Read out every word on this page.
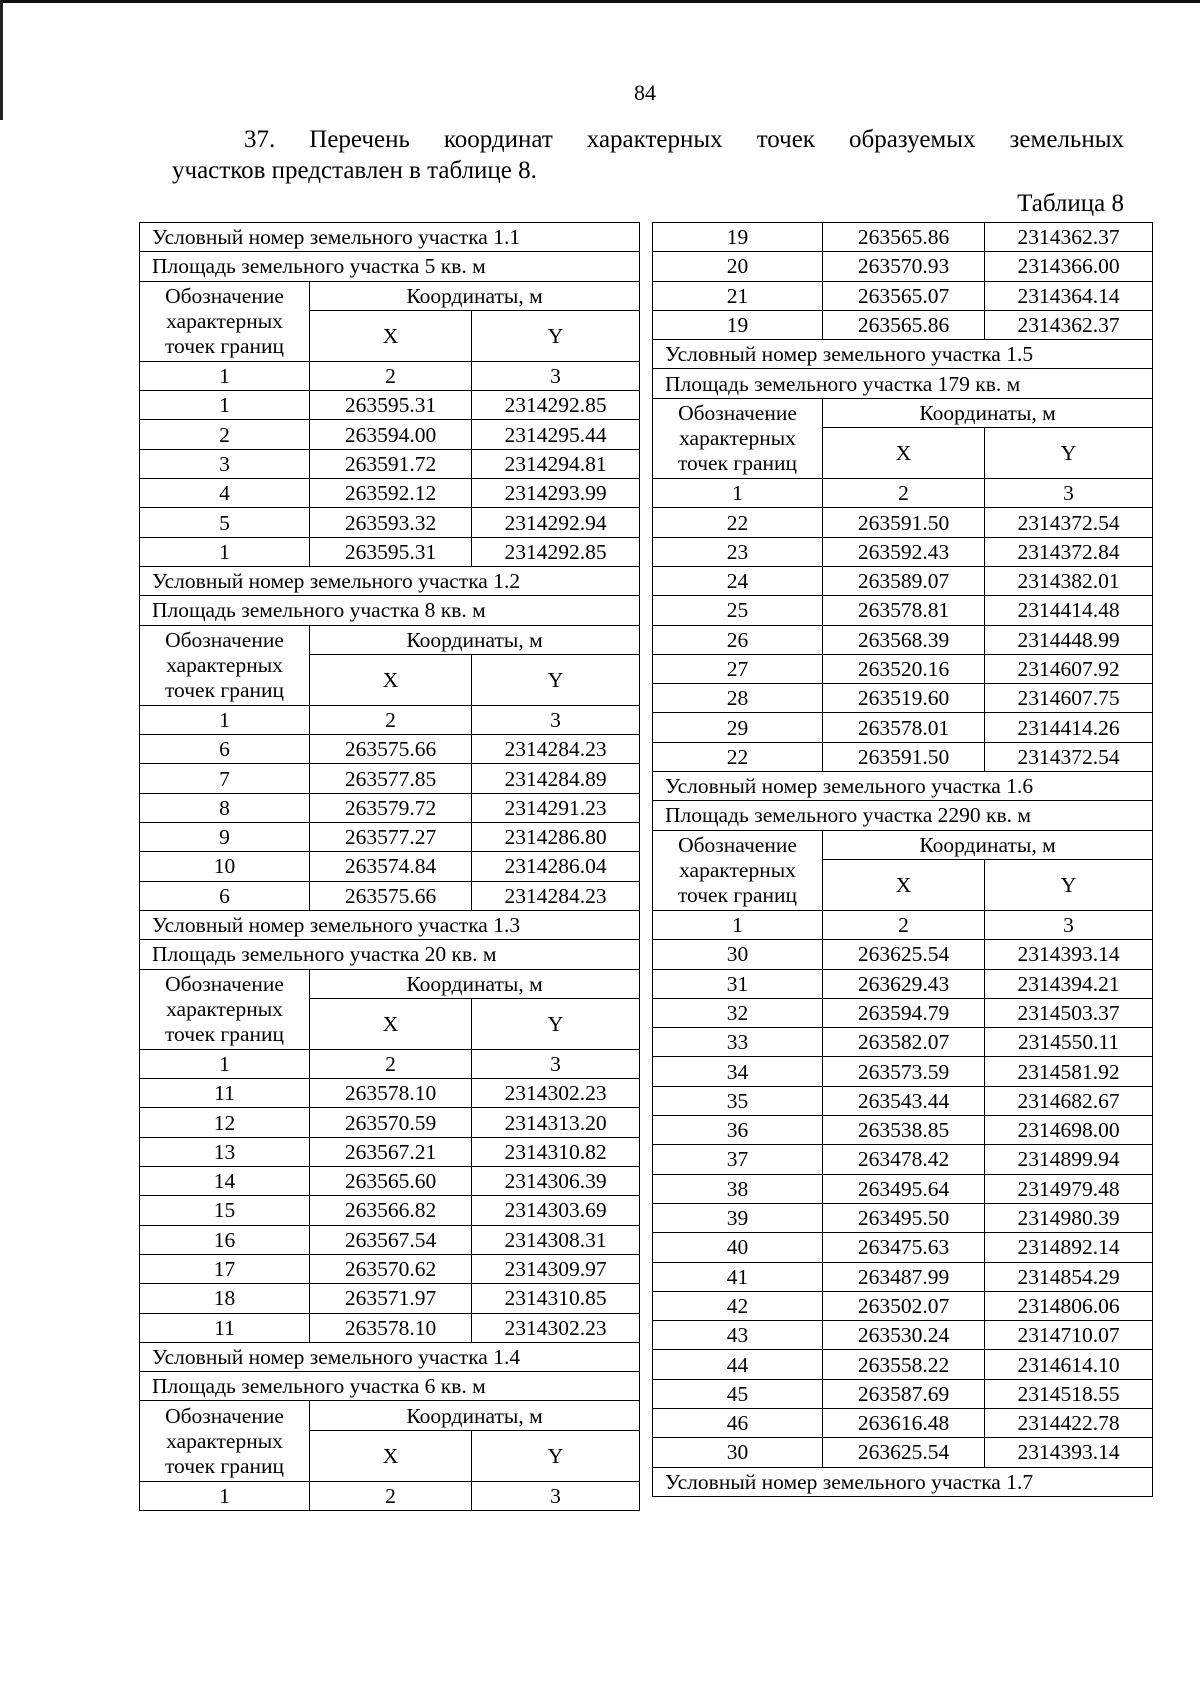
84
37. Перечень координат характерных точек образуемых земельных
участков представлен в таблице 8.
Таблица 8
Условный номер земельного участка 1.1		
Площадь земельного участка 5 кв. м		
Обозначение характерных точек границ	Координаты, м	
	X	Y
1	2	3
1	263595.31	2314292.85
2	263594.00	2314295.44
3	263591.72	2314294.81
4	263592.12	2314293.99
5	263593.32	2314292.94
1	263595.31	2314292.85
Условный номер земельного участка 1.2		
Площадь земельного участка 8 кв. м		
Обозначение характерных точек границ	Координаты, м	
	X	Y
1	2	3
6	263575.66	2314284.23
7	263577.85	2314284.89
8	263579.72	2314291.23
9	263577.27	2314286.80
10	263574.84	2314286.04
6	263575.66	2314284.23
Условный номер земельного участка 1.3		
Площадь земельного участка 20 кв. м		
Обозначение характерных точек границ	Координаты, м	
	X	Y
1	2	3
11	263578.10	2314302.23
12	263570.59	2314313.20
13	263567.21	2314310.82
14	263565.60	2314306.39
15	263566.82	2314303.69
16	263567.54	2314308.31
17	263570.62	2314309.97
18	263571.97	2314310.85
11	263578.10	2314302.23
Условный номер земельного участка 1.4		
Площадь земельного участка 6 кв. м		
Обозначение характерных точек границ	Координаты, м	
	X	Y
1	2	3
19	263565.86	2314362.37
20	263570.93	2314366.00
21	263565.07	2314364.14
19	263565.86	2314362.37
Условный номер земельного участка 1.5		
Площадь земельного участка 179 кв. м		
Обозначение характерных точек границ	Координаты, м	
	X	Y
1	2	3
22	263591.50	2314372.54
23	263592.43	2314372.84
24	263589.07	2314382.01
25	263578.81	2314414.48
26	263568.39	2314448.99
27	263520.16	2314607.92
28	263519.60	2314607.75
29	263578.01	2314414.26
22	263591.50	2314372.54
Условный номер земельного участка 1.6		
Площадь земельного участка 2290 кв. м		
Обозначение характерных точек границ	Координаты, м	
	X	Y
1	2	3
30	263625.54	2314393.14
31	263629.43	2314394.21
32	263594.79	2314503.37
33	263582.07	2314550.11
34	263573.59	2314581.92
35	263543.44	2314682.67
36	263538.85	2314698.00
37	263478.42	2314899.94
38	263495.64	2314979.48
39	263495.50	2314980.39
40	263475.63	2314892.14
41	263487.99	2314854.29
42	263502.07	2314806.06
43	263530.24	2314710.07
44	263558.22	2314614.10
45	263587.69	2314518.55
46	263616.48	2314422.78
30	263625.54	2314393.14
Условный номер земельного участка 1.7		
